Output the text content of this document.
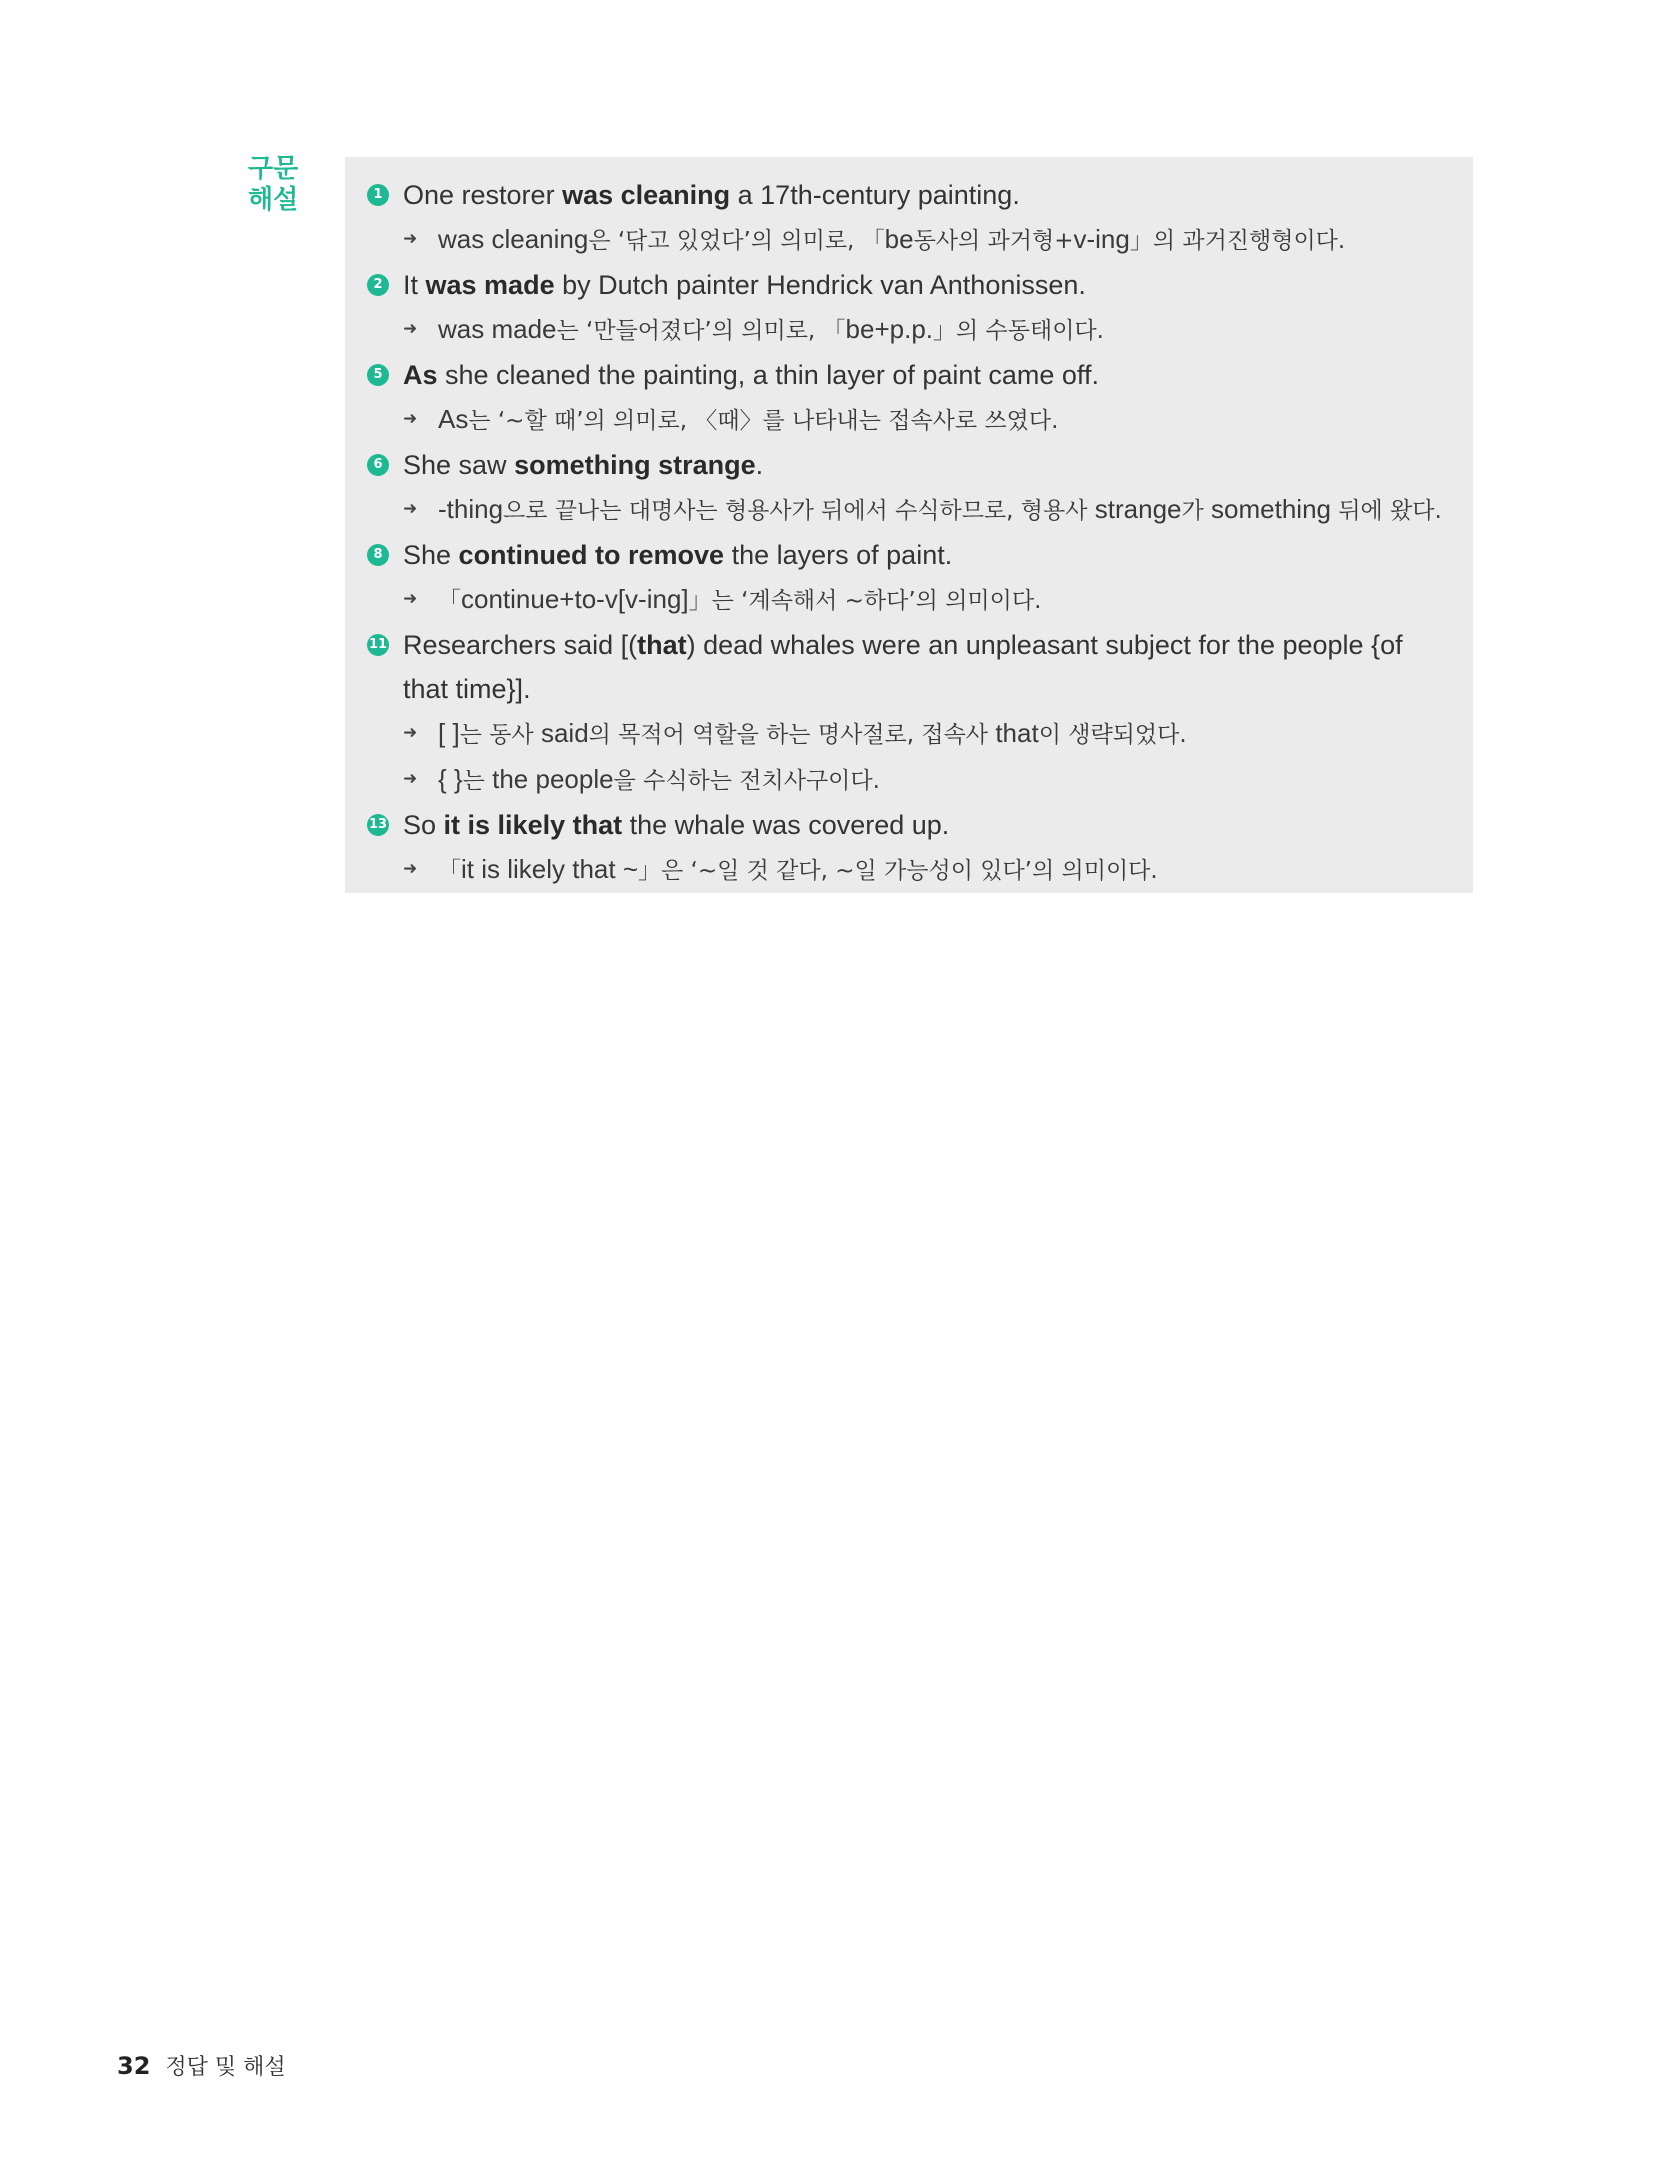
구문
해설	1 One restorer was cleaning a 17th-century painting.
➜ was cleaning은 ‘닦고 있었다’의 의미로, 「be동사의 과거형+v-ing」의 과거진행형이다.
2 It was made by Dutch painter Hendrick van Anthonissen.
➜ was made는 ‘만들어졌다’의 의미로, 「be+p.p.」의 수동태이다.
5 As she cleaned the painting, a thin layer of paint came off.
➜ As는 ‘~할 때’의 의미로, 〈때〉를 나타내는 접속사로 쓰였다.
6 She saw something strange.
➜ -thing으로 끝나는 대명사는 형용사가 뒤에서 수식하므로, 형용사 strange가 something 뒤에 왔다.
8 She continued to remove the layers of paint.
➜ 「continue+to-v[v-ing]」는 ‘계속해서 ~하다’의 의미이다.
11 Researchers said [(that) dead whales were an unpleasant subject for the people {of that time}].
➜ [ ]는 동사 said의 목적어 역할을 하는 명사절로, 접속사 that이 생략되었다.
➜ { }는 the people을 수식하는 전치사구이다.
13 So it is likely that the whale was covered up.
➜ 「it is likely that ~」은 ‘~일 것 같다, ~일 가능성이 있다’의 의미이다.
32 정답 및 해설
